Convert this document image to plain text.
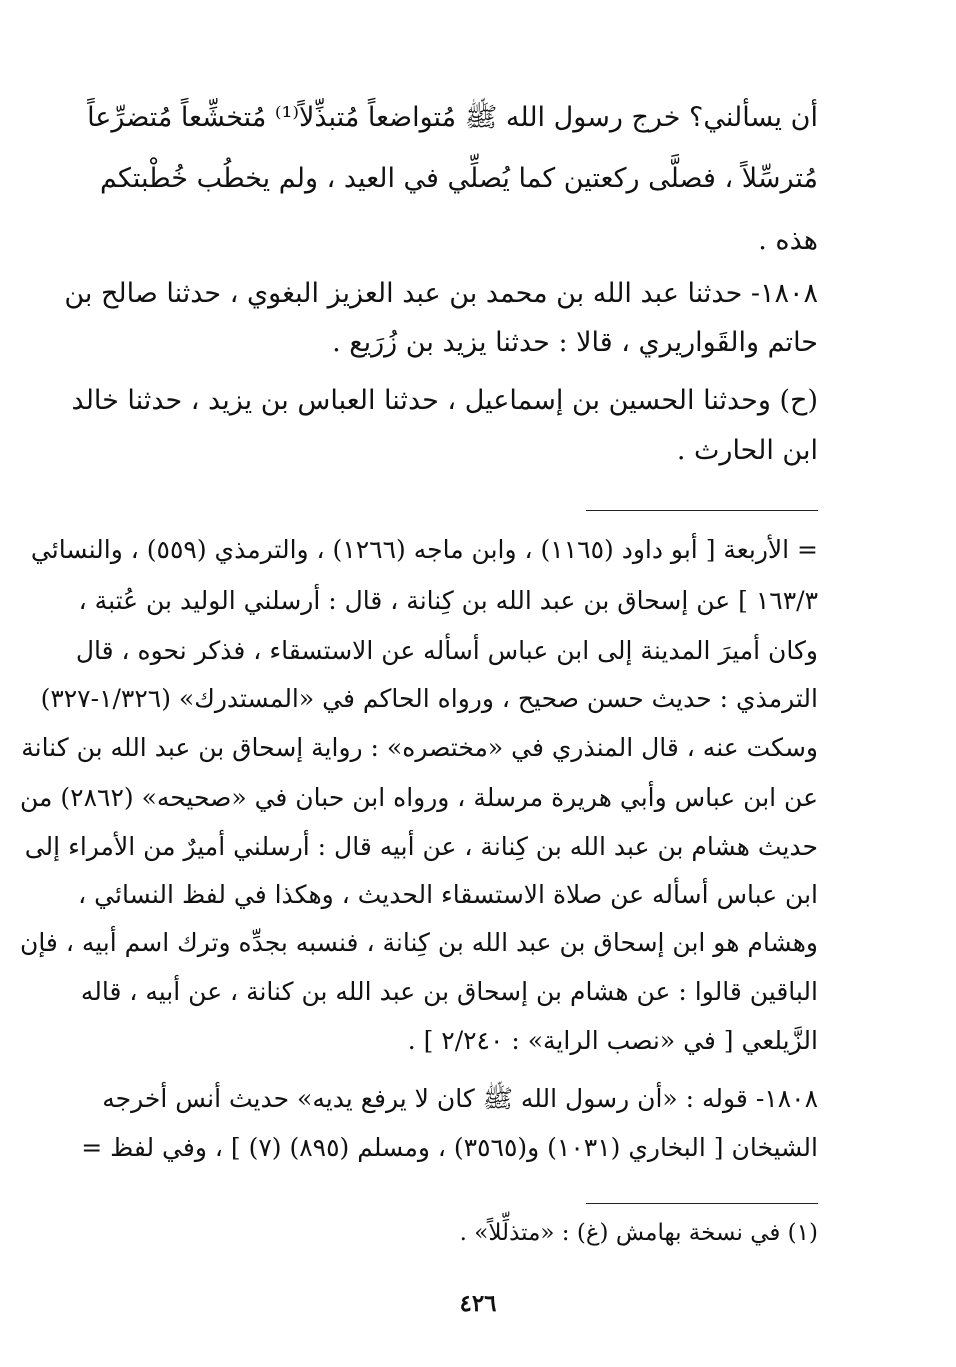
أن يسألني؟ خرج رسول الله ﷺ مُتواضعاً مُتبذِّلاً⁽¹⁾ مُتخشِّعاً مُتضرِّعاً
مُترسِّلاً ، فصلَّى ركعتين كما يُصلِّي في العيد ، ولم يخطُب خُطْبتكم
هذه .
١٨٠٨- حدثنا عبد الله بن محمد بن عبد العزيز البغوي ، حدثنا صالح بن
حاتم والقَواريري ، قالا : حدثنا يزيد بن زُرَيع .
(ح) وحدثنا الحسين بن إسماعيل ، حدثنا العباس بن يزيد ، حدثنا خالد
ابن الحارث .
= الأربعة [ أبو داود (١١٦٥) ، وابن ماجه (١٢٦٦) ، والترمذي (٥٥٩) ، والنسائي
١٦٣/٣ ] عن إسحاق بن عبد الله بن كِنانة ، قال : أرسلني الوليد بن عُتبة ،
وكان أميرَ المدينة إلى ابن عباس أسأله عن الاستسقاء ، فذكر نحوه ، قال
الترمذي : حديث حسن صحيح ، ورواه الحاكم في «المستدرك» (١/٣٢٦-٣٢٧)
وسكت عنه ، قال المنذري في «مختصره» : رواية إسحاق بن عبد الله بن كنانة
عن ابن عباس وأبي هريرة مرسلة ، ورواه ابن حبان في «صحيحه» (٢٨٦٢) من
حديث هشام بن عبد الله بن كِنانة ، عن أبيه قال : أرسلني أميرٌ من الأمراء إلى
ابن عباس أسأله عن صلاة الاستسقاء الحديث ، وهكذا في لفظ النسائي ،
وهشام هو ابن إسحاق بن عبد الله بن كِنانة ، فنسبه بجدِّه وترك اسم أبيه ، فإن
الباقين قالوا : عن هشام بن إسحاق بن عبد الله بن كنانة ، عن أبيه ، قاله
الزَّيلعي [ في «نصب الراية» : ٢/٢٤٠ ] .
١٨٠٨- قوله : «أن رسول الله ﷺ كان لا يرفع يديه» حديث أنس أخرجه
الشيخان [ البخاري (١٠٣١) و(٣٥٦٥) ، ومسلم (٨٩٥) (٧) ] ، وفي لفظ =
(١) في نسخة بهامش (غ) : «متذلِّلاً» .
٤٢٦
